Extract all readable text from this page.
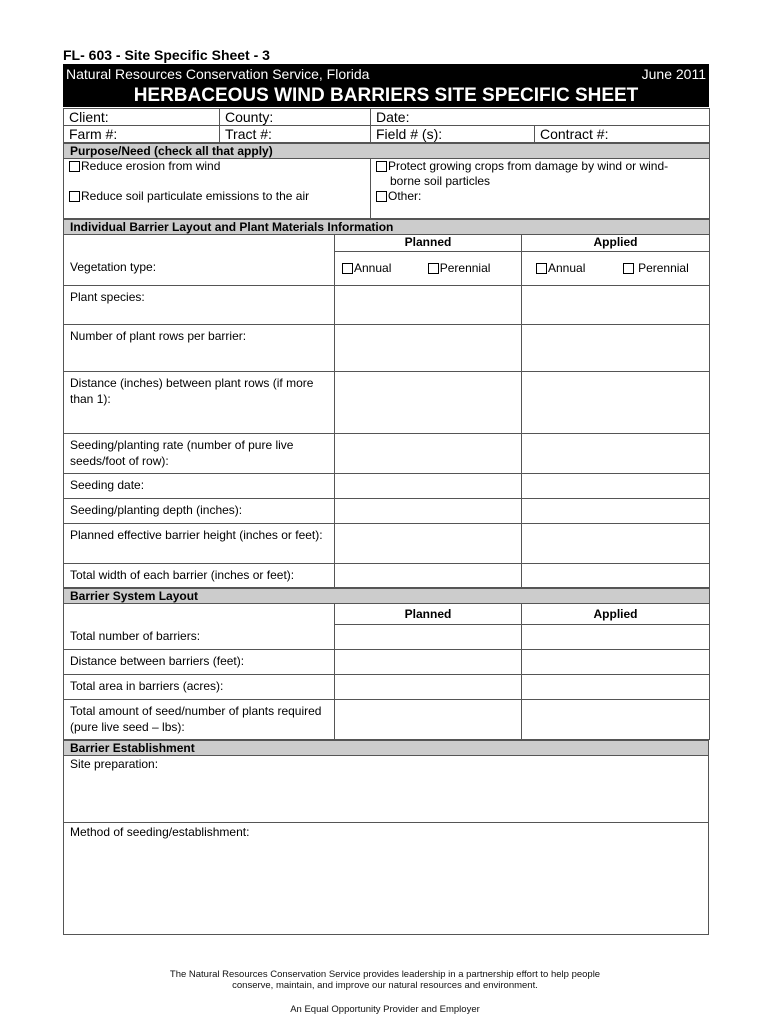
FL- 603 - Site Specific Sheet - 3
Natural Resources Conservation Service, Florida	June 2011
HERBACEOUS WIND BARRIERS SITE SPECIFIC SHEET
Client:	County:	Date:	
Farm #:	Tract #:	Field # (s):	Contract #:
Purpose/Need (check all that apply)	
Reduce erosion from wind	Protect growing crops from damage by wind or wind-
borne soil particles
Reduce soil particulate emissions to the air	Other:
Individual Barrier Layout and Plant Materials Information		
	Planned	Applied
Vegetation type:	Annual Perennial	Annual Perennial
Plant species:		
Number of plant rows per barrier:		
Distance (inches) between plant rows (if more than 1):		
Seeding/planting rate (number of pure live seeds/foot of row):		
Seeding date:		
Seeding/planting depth (inches):		
Planned effective barrier height (inches or feet):		
Total width of each barrier (inches or feet):		
Barrier System Layout		
	Planned	Applied
Total number of barriers:		
Distance between barriers (feet):		
Total area in barriers (acres):		
Total amount of seed/number of plants required (pure live seed – lbs):		
Barrier Establishment
Site preparation:
Method of seeding/establishment:
The Natural Resources Conservation Service provides leadership in a partnership effort to help people
conserve, maintain, and improve our natural resources and environment.
An Equal Opportunity Provider and Employer
